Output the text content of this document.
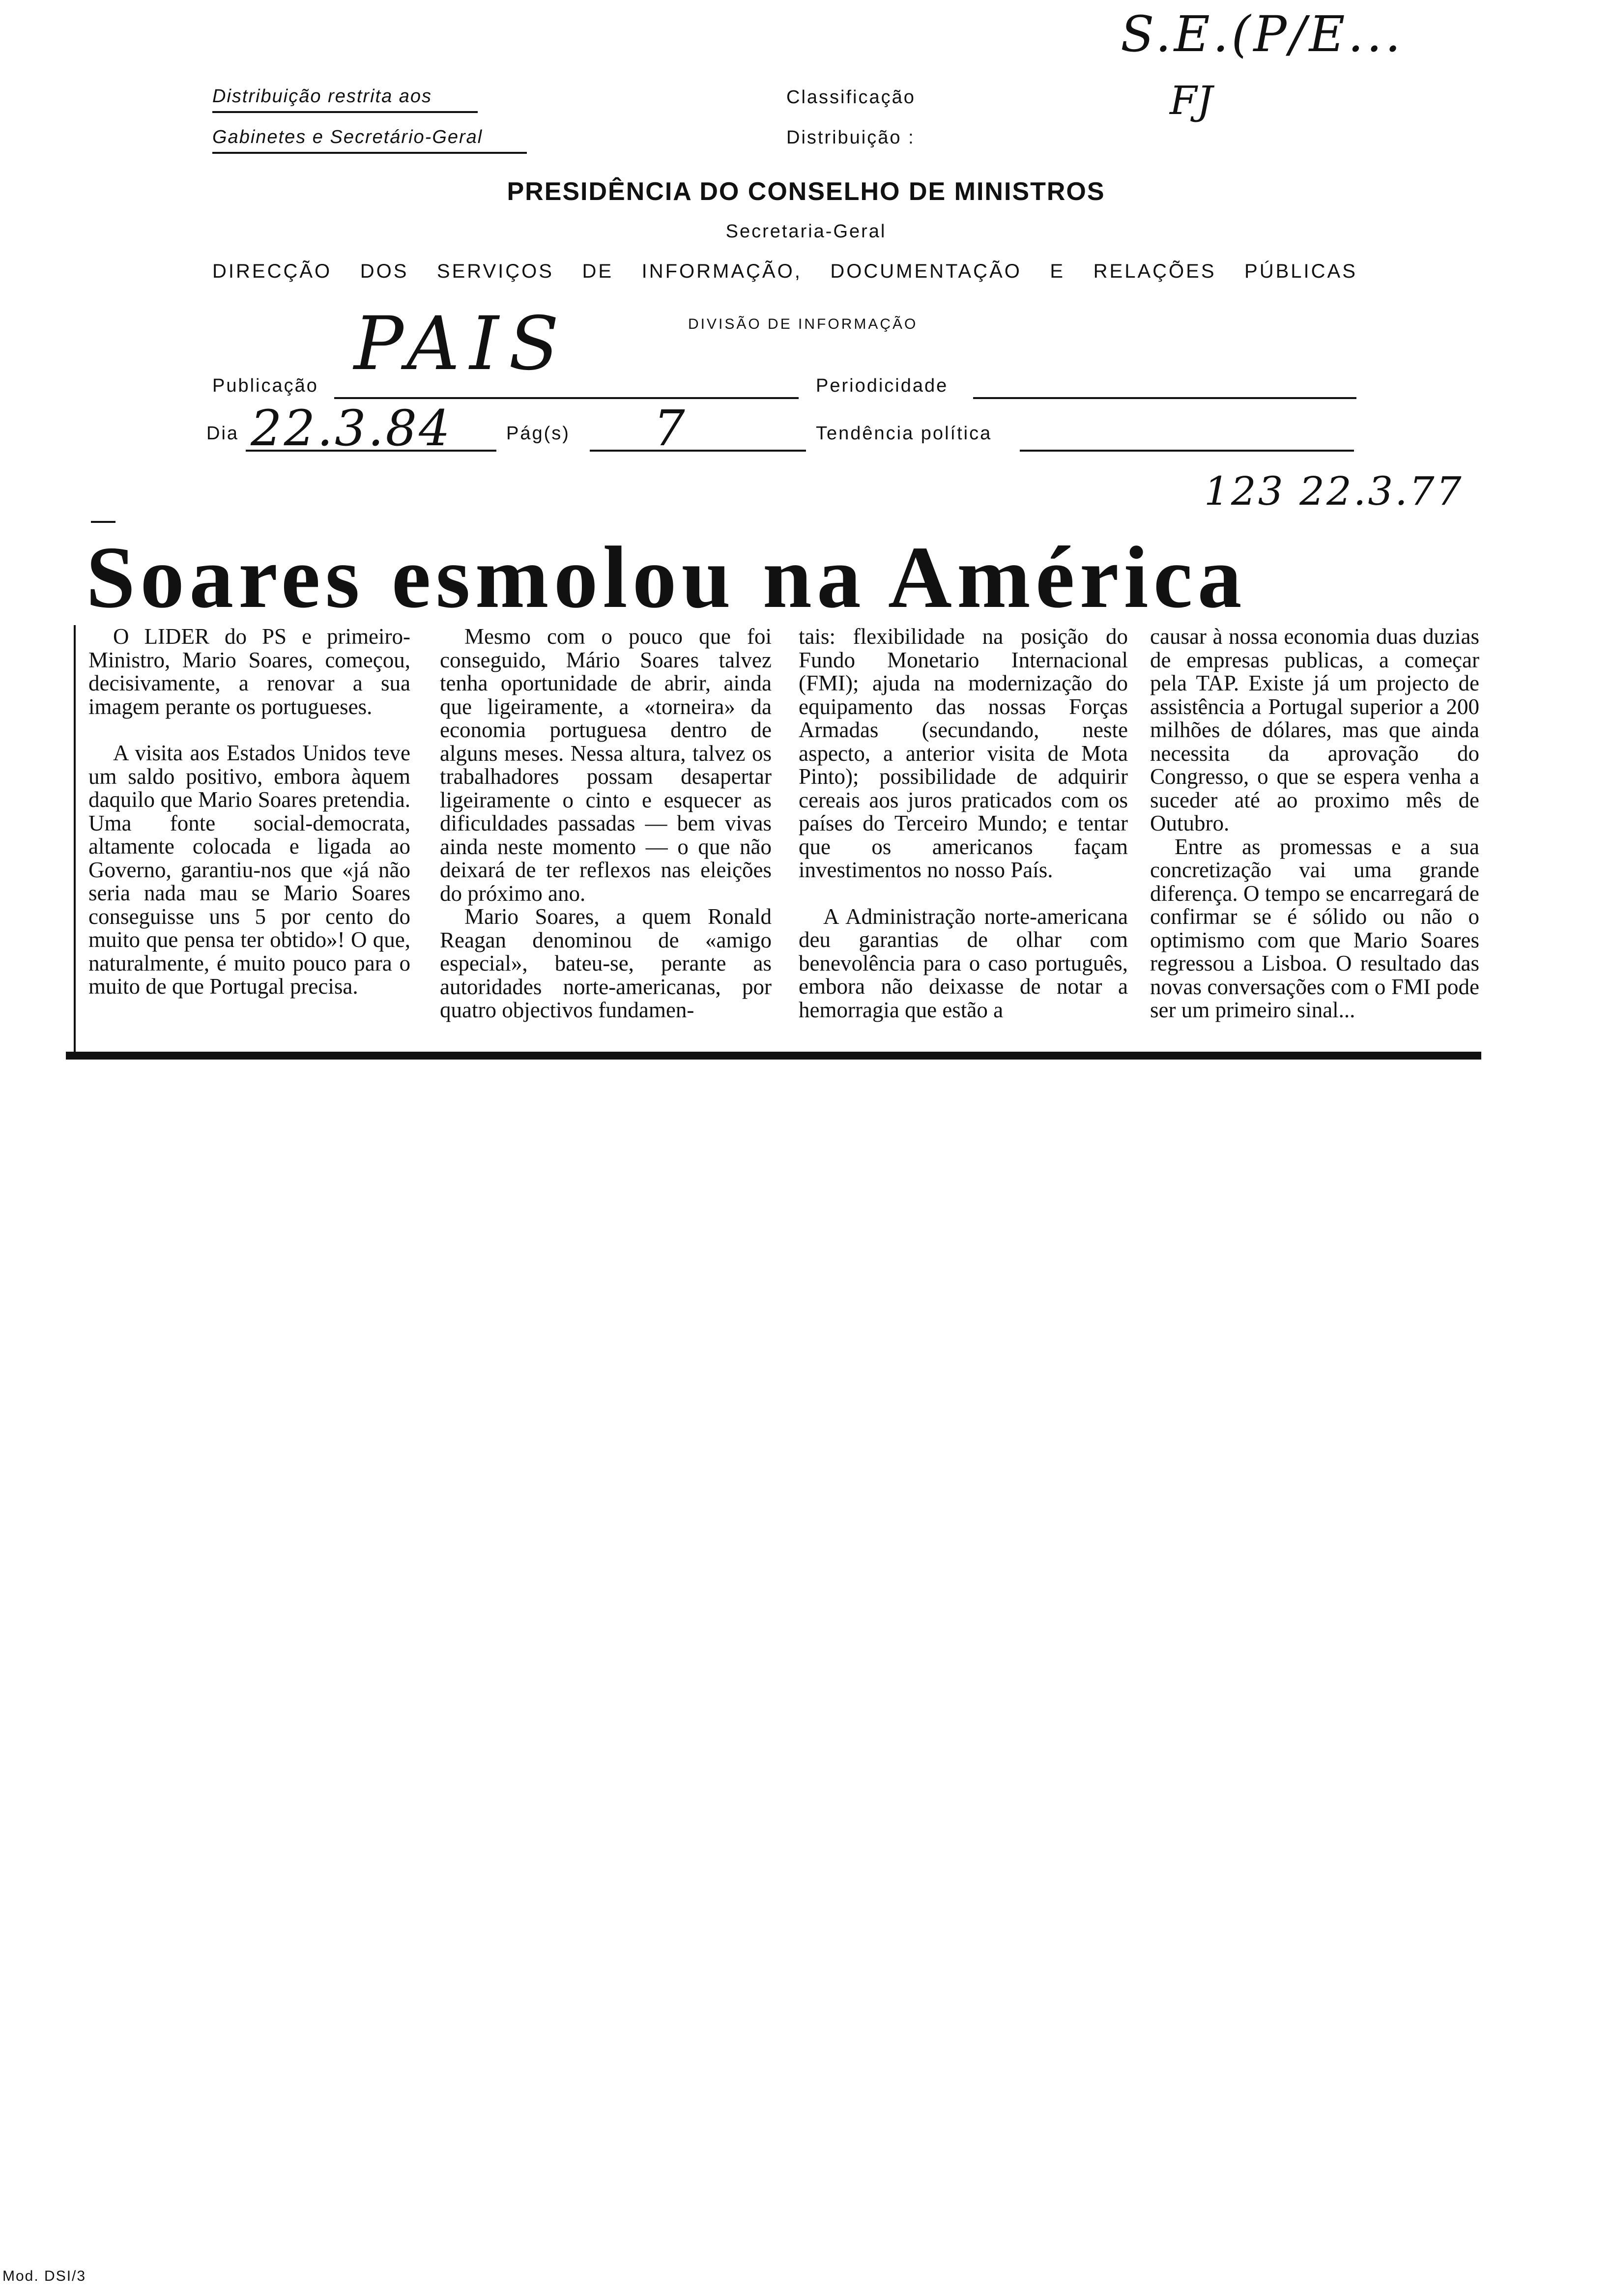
Distribuição restrita aos
Gabinetes e Secretário-Geral
Classificação
Distribuição :
S.E.(P/E...
FJ
PRESIDÊNCIA DO CONSELHO DE MINISTROS
Secretaria-Geral
DIRECÇÃO DOS SERVIÇOS DE INFORMAÇÃO, DOCUMENTAÇÃO E RELAÇÕES PÚBLICAS
DIVISÃO DE INFORMAÇÃO
Publicação PAIS	Periodicidade
Dia 22.3.84	Pág(s) 7	Tendência política
Soares esmolou na América
123 22.3.77

O LIDER do PS e primeiro-Ministro, Mario Soares, começou, decisivamente, a renovar a sua imagem perante os portugueses.

A visita aos Estados Unidos teve um saldo positivo, embora àquem daquilo que Mario Soares pretendia. Uma fonte social-democrata, altamente colocada e ligada ao Governo, garantiu-nos que «já não seria nada mau se Mario Soares conseguisse uns 5 por cento do muito que pensa ter obtido»! O que, naturalmente, é muito pouco para o muito de que Portugal precisa.

Mesmo com o pouco que foi conseguido, Mário Soares talvez tenha oportunidade de abrir, ainda que ligeiramente, a «torneira» da economia portuguesa dentro de alguns meses. Nessa altura, talvez os trabalhadores possam desapertar ligeiramente o cinto e esquecer as dificuldades passadas — bem vivas ainda neste momento — o que não deixará de ter reflexos nas eleições do próximo ano.

Mario Soares, a quem Ronald Reagan denominou de «amigo especial», bateu-se, perante as autoridades norte-americanas, por quatro objectivos fundamen-

tais: flexibilidade na posição do Fundo Monetario Internacional (FMI); ajuda na modernização do equipamento das nossas Forças Armadas (secundando, neste aspecto, a anterior visita de Mota Pinto); possibilidade de adquirir cereais aos juros praticados com os países do Terceiro Mundo; e tentar que os americanos façam investimentos no nosso País.

A Administração norte-americana deu garantias de olhar com benevolência para o caso português, embora não deixasse de notar a hemorragia que estão a

causar à nossa economia duas duzias de empresas publicas, a começar pela TAP. Existe já um projecto de assistência a Portugal superior a 200 milhões de dólares, mas que ainda necessita da aprovação do Congresso, o que se espera venha a suceder até ao proximo mês de Outubro.

Entre as promessas e a sua concretização vai uma grande diferença. O tempo se encarregará de confirmar se é sólido ou não o optimismo com que Mario Soares regressou a Lisboa. O resultado das novas conversações com o FMI pode ser um primeiro sinal...

Mod. DSI/3
